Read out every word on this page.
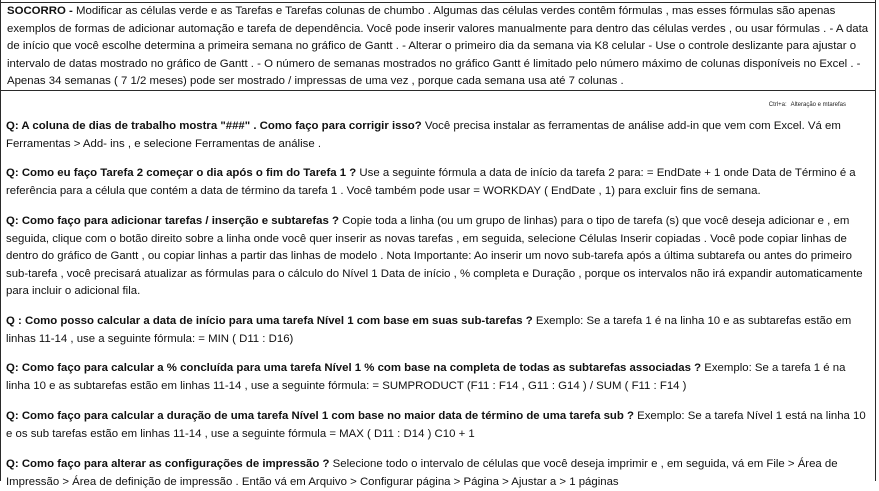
SOCORRO - Modificar as células verde e as Tarefas e Tarefas colunas de chumbo . Algumas das células verdes contêm fórmulas , mas esses fórmulas são apenas exemplos de formas de adicionar automação e tarefa de dependência. Você pode inserir valores manualmente para dentro das células verdes , ou usar fórmulas . - A data de início que você escolhe determina a primeira semana no gráfico de Gantt . - Alterar o primeiro dia da semana via K8 celular - Use o controle deslizante para ajustar o intervalo de datas mostrado no gráfico de Gantt . - O número de semanas mostrados no gráfico Gantt é limitado pelo número máximo de colunas disponíveis no Excel . - Apenas 34 semanas ( 7 1/2 meses) pode ser mostrado / impressas de uma vez , porque cada semana usa até 7 colunas .
Ctrl+a: Alteração e mtarefas
Q: A coluna de dias de trabalho mostra "###" . Como faço para corrigir isso? Você precisa instalar as ferramentas de análise add-in que vem com Excel. Vá em Ferramentas > Add- ins , e selecione Ferramentas de análise .
Q: Como eu faço Tarefa 2 começar o dia após o fim do Tarefa 1 ? Use a seguinte fórmula a data de início da tarefa 2 para: = EndDate + 1 onde Data de Término é a referência para a célula que contém a data de término da tarefa 1 . Você também pode usar = WORKDAY ( EndDate , 1) para excluir fins de semana.
Q: Como faço para adicionar tarefas / inserção e subtarefas ? Copie toda a linha (ou um grupo de linhas) para o tipo de tarefa (s) que você deseja adicionar e , em seguida, clique com o botão direito sobre a linha onde você quer inserir as novas tarefas , em seguida, selecione Células Inserir copiadas . Você pode copiar linhas de dentro do gráfico de Gantt , ou copiar linhas a partir das linhas de modelo . Nota Importante: Ao inserir um novo sub-tarefa após a última subtarefa ou antes do primeiro sub-tarefa , você precisará atualizar as fórmulas para o cálculo do Nível 1 Data de início , % completa e Duração , porque os intervalos não irá expandir automaticamente para incluir o adicional fila.
Q : Como posso calcular a data de início para uma tarefa Nível 1 com base em suas sub-tarefas ? Exemplo: Se a tarefa 1 é na linha 10 e as subtarefas estão em linhas 11-14 , use a seguinte fórmula: = MIN ( D11 : D16)
Q: Como faço para calcular a % concluída para uma tarefa Nível 1 % com base na completa de todas as subtarefas associadas ? Exemplo: Se a tarefa 1 é na linha 10 e as subtarefas estão em linhas 11-14 , use a seguinte fórmula: = SUMPRODUCT (F11 : F14 , G11 : G14 ) / SUM ( F11 : F14 )
Q: Como faço para calcular a duração de uma tarefa Nível 1 com base no maior data de término de uma tarefa sub ? Exemplo: Se a tarefa Nível 1 está na linha 10 e os sub tarefas estão em linhas 11-14 , use a seguinte fórmula = MAX ( D11 : D14 ) C10 + 1
Q: Como faço para alterar as configurações de impressão ? Selecione todo o intervalo de células que você deseja imprimir e , em seguida, vá em File > Área de Impressão > Área de definição de impressão . Então vá em Arquivo > Configurar página > Página > Ajustar a > 1 páginas
